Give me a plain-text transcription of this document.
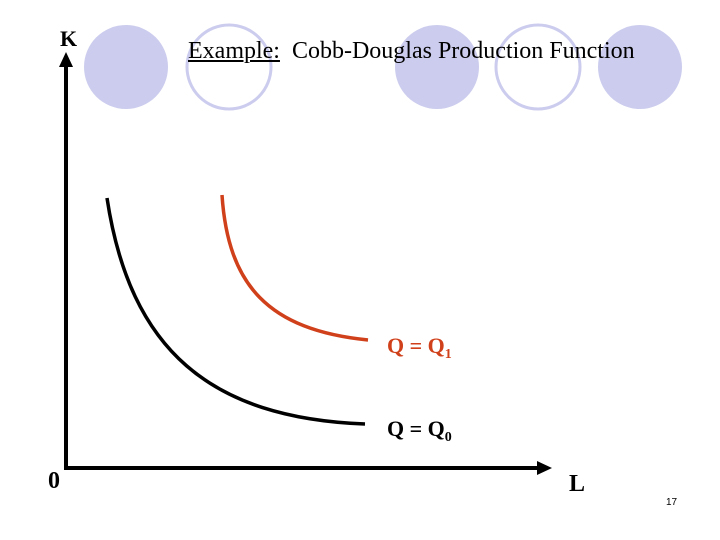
Example: Cobb-Douglas Production Function
K
L
0
$Q = Q_1$
$Q = Q_0$
17
